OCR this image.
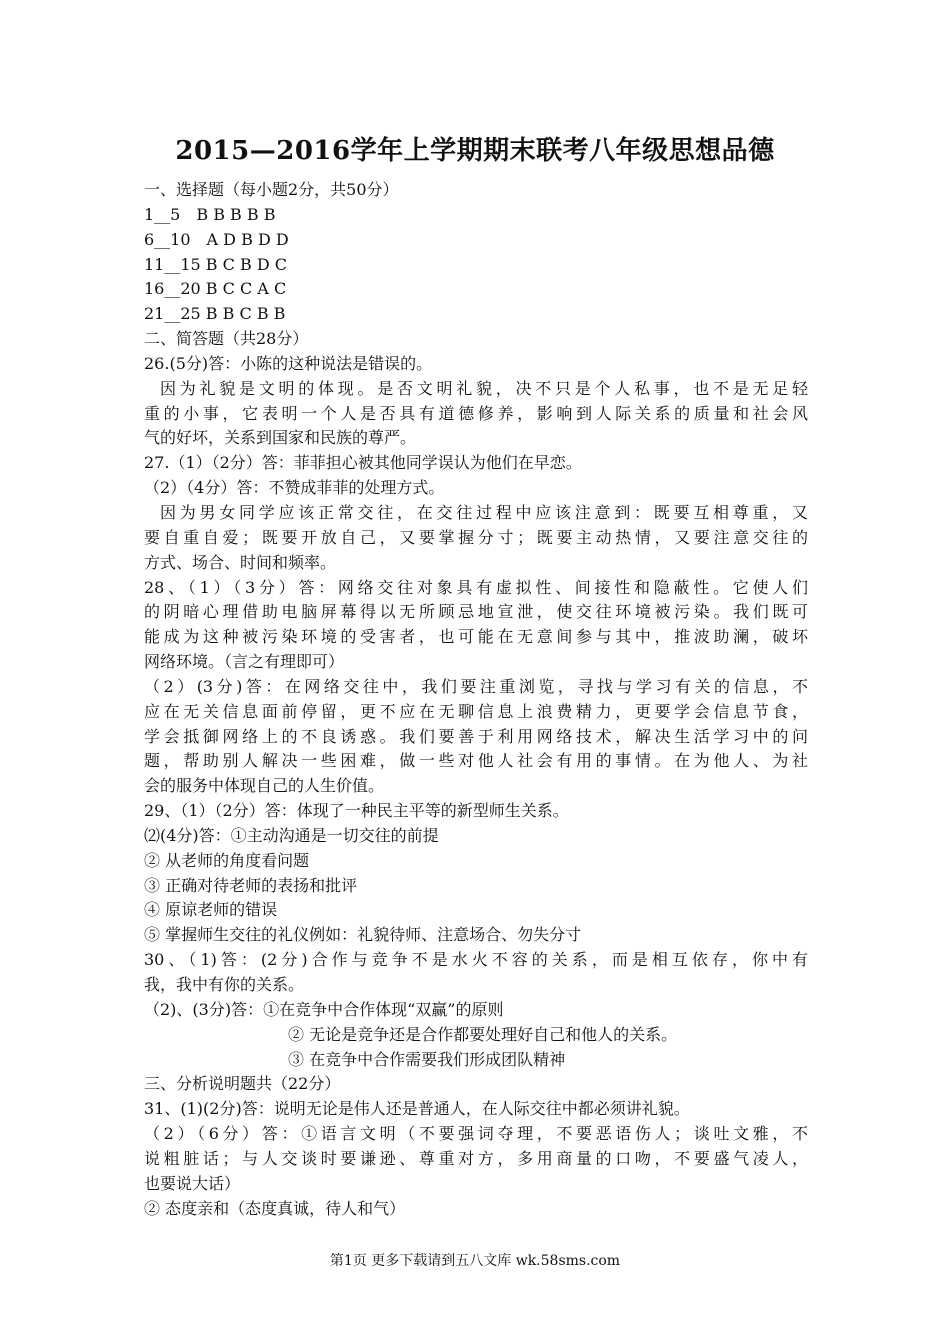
2015—2016学年上学期期末联考八年级思想品德
一、选择题（每小题2分，共50分）
1__5　B B B B B
6__10　A D B D D
11__15 B C B D C
16__20 B C C A C
21__25 B B C B B
二、简答题（共28分）
26.(5分)答：小陈的这种说法是错误的。
因为礼貌是文明的体现。是否文明礼貌，决不只是个人私事，也不是无足轻
重的小事，它表明一个人是否具有道德修养，影响到人际关系的质量和社会风
气的好坏，关系到国家和民族的尊严。
27.（1）（2分）答：菲菲担心被其他同学误认为他们在早恋。
（2）（4分）答：不赞成菲菲的处理方式。
因为男女同学应该正常交往，在交往过程中应该注意到：既要互相尊重，又
要自重自爱；既要开放自己，又要掌握分寸；既要主动热情，又要注意交往的
方式、场合、时间和频率。
28、（1）（3分）答：网络交往对象具有虚拟性、间接性和隐蔽性。它使人们
的阴暗心理借助电脑屏幕得以无所顾忌地宣泄，使交往环境被污染。我们既可
能成为这种被污染环境的受害者，也可能在无意间参与其中，推波助澜，破坏
网络环境。（言之有理即可）
（2）(3分)答：在网络交往中，我们要注重浏览，寻找与学习有关的信息，不
应在无关信息面前停留，更不应在无聊信息上浪费精力，更要学会信息节食，
学会抵御网络上的不良诱惑。我们要善于利用网络技术，解决生活学习中的问
题，帮助别人解决一些困难，做一些对他人社会有用的事情。在为他人、为社
会的服务中体现自己的人生价值。
29、（1）（2分）答：体现了一种民主平等的新型师生关系。
⑵(4分)答：①主动沟通是一切交往的前提
② 从老师的角度看问题
③ 正确对待老师的表扬和批评
④ 原谅老师的错误
⑤ 掌握师生交往的礼仪例如：礼貌待师、注意场合、勿失分寸
30、（1)答：(2分)合作与竞争不是水火不容的关系，而是相互依存，你中有
我，我中有你的关系。
（2)、(3分)答：①在竞争中合作体现“双赢”的原则
② 无论是竞争还是合作都要处理好自己和他人的关系。
③ 在竞争中合作需要我们形成团队精神
三、分析说明题共（22分）
31、(1)(2分)答：说明无论是伟人还是普通人，在人际交往中都必须讲礼貌。
（2）（6分）答：①语言文明（不要强词夺理，不要恶语伤人；谈吐文雅，不
说粗脏话；与人交谈时要谦逊、尊重对方，多用商量的口吻，不要盛气凌人，
也要说大话）
② 态度亲和（态度真诚，待人和气）
第1页 更多下载请到五八文库 wk.58sms.com
